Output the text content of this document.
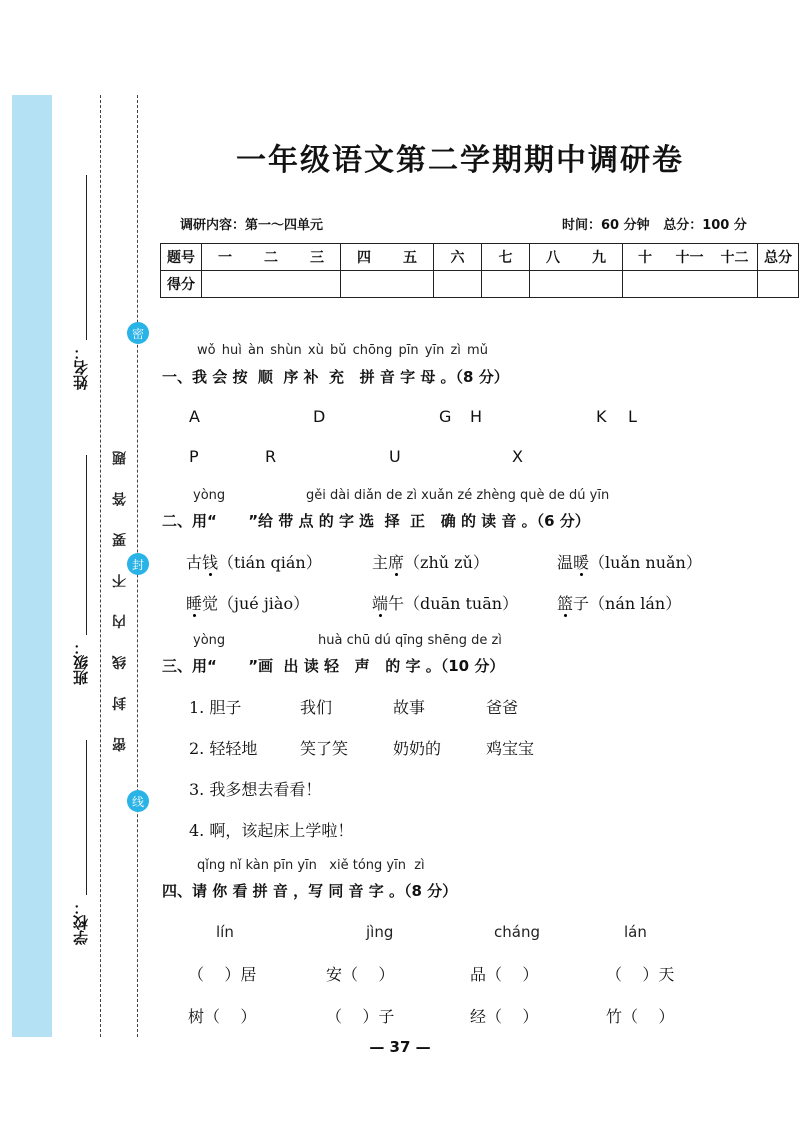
姓名：
班级：
学校：
密
封
线
密 封 线 内 不 要 答 题
一年级语文第二学期期中调研卷
调研内容：第一～四单元	时间：60 分钟   总分：100 分
题号	一	二	三	四	五	六	七	八	九	十	十一	十二	总分
得分													
wǒ huì àn shùn xù bǔ chōng pīn yīn zì mǔ
一、我 会 按  顺  序 补  充   拼 音 字 母 。（8 分）
A	D	G H	K L
P	R	U	X
yòng	gěi dài diǎn de zì xuǎn zé zhèng què de dú yīn
二、用“      ”给 带 点 的 字 选  择  正   确 的 读 音 。（6 分）
古钱（tián qián）	主席（zhǔ zǔ）	温暖（luǎn nuǎn）
睡觉（jué jiào）	端午（duān tuān） 篮子（nán lán）
yòng	huà chū dú qīng shēng de zì
三、用“      ”画  出 读 轻   声   的 字 。（10 分）
1. 胆子	我们	故事	爸爸
2. 轻轻地	笑了笑	奶奶的	鸡宝宝
3. 我多想去看看！
4. 啊，该起床上学啦！
qǐng nǐ kàn pīn yīn   xiě tóng yīn  zì
四、请 你 看 拼 音 ，写 同 音 字 。（8 分）
lín	jìng	cháng	lán
（    ）居	安（    ）	品（    ）	（    ）天
树（    ）	（    ）子	经（    ）	竹（    ）
— 37 —
